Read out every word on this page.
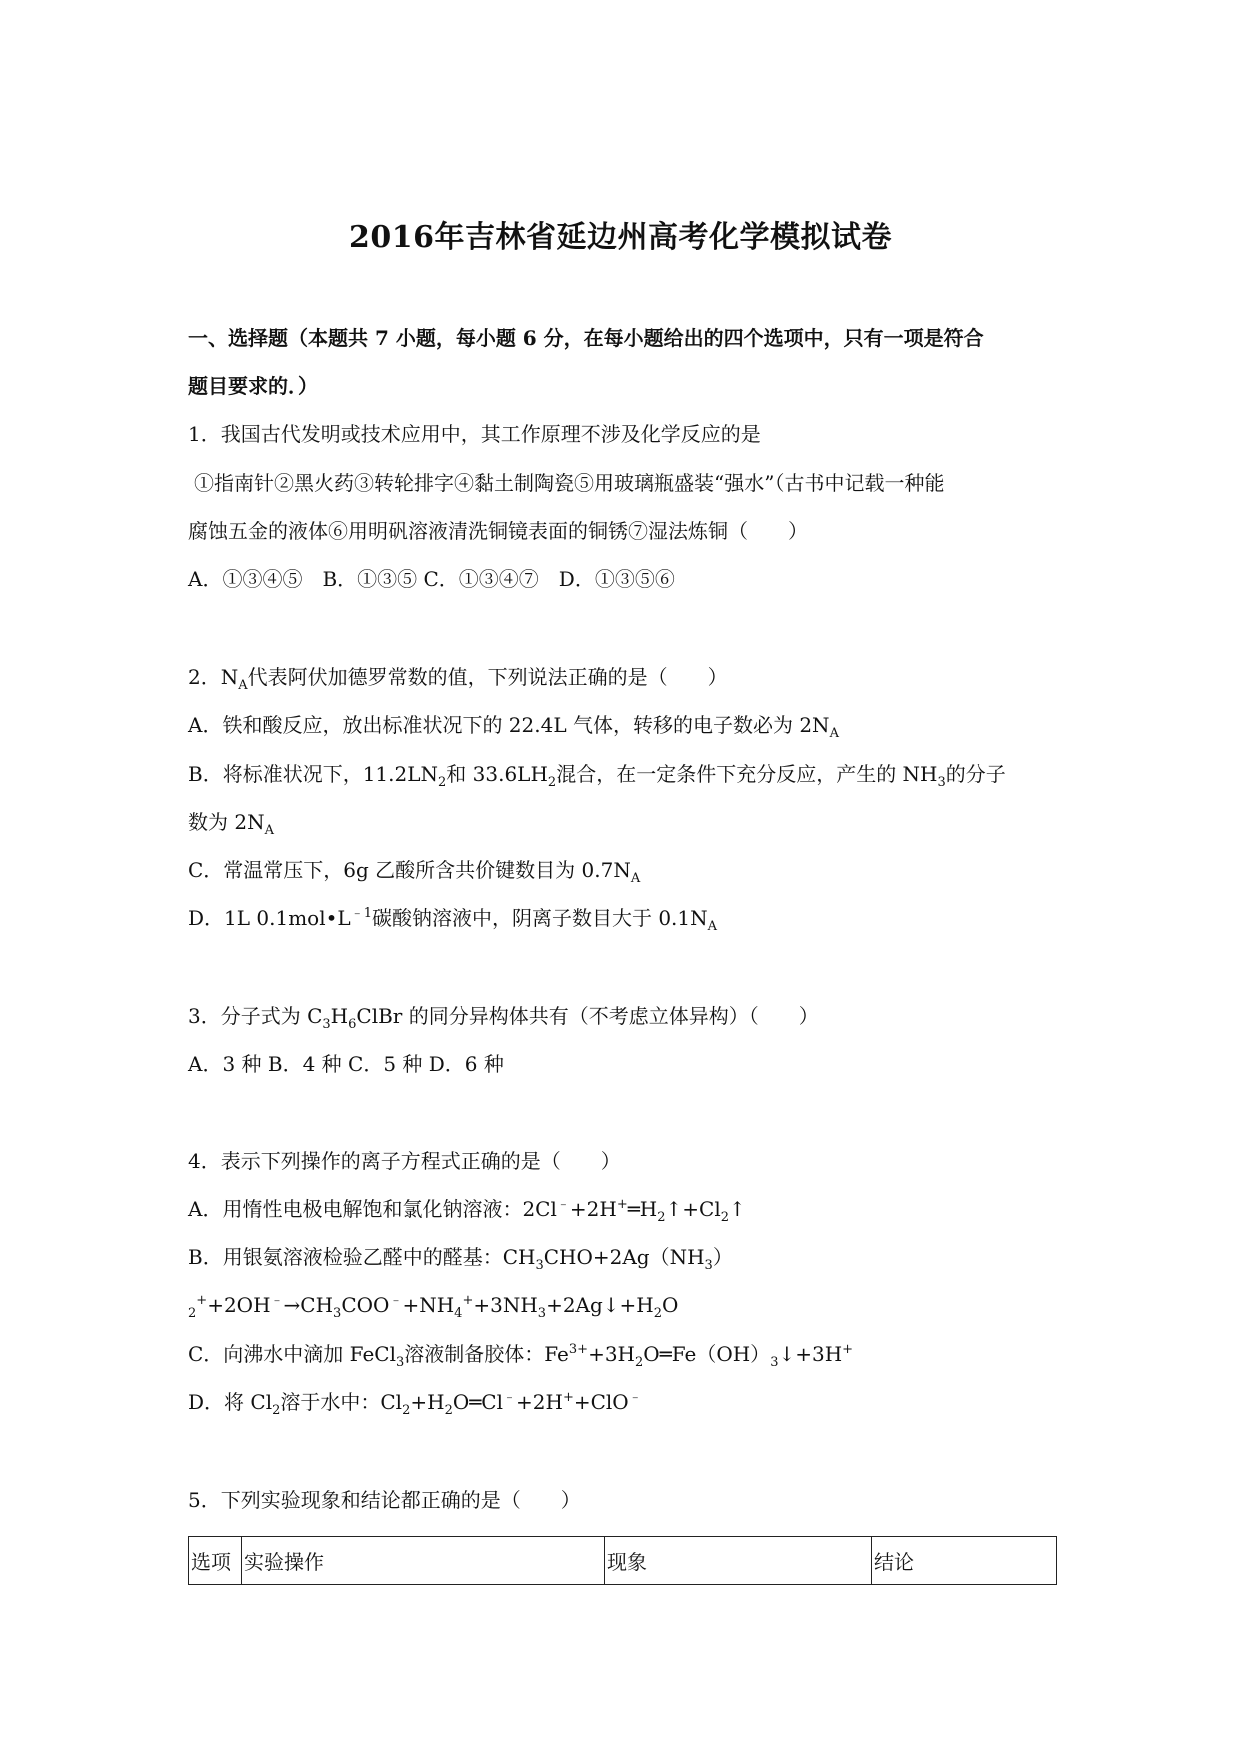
2016年吉林省延边州高考化学模拟试卷
一、选择题（本题共 7 小题，每小题 6 分，在每小题给出的四个选项中，只有一项是符合
题目要求的．）
1．我国古代发明或技术应用中，其工作原理不涉及化学反应的是
①指南针②黑火药③转轮排字④黏土制陶瓷⑤用玻璃瓶盛装“强水”（古书中记载一种能
腐蚀五金的液体⑥用明矾溶液清洗铜镜表面的铜锈⑦湿法炼铜（　　）
A．①③④⑤　B．①③⑤ C．①③④⑦　D．①③⑤⑥
2．$N_A$代表阿伏加德罗常数的值，下列说法正确的是（　　）
A．铁和酸反应，放出标准状况下的 22.4L 气体，转移的电子数必为 $2N_A$
B．将标准状况下，$11.2LN_2$和 $33.6LH_2$混合，在一定条件下充分反应，产生的 $NH_3$的分子
数为 $2N_A$
C．常温常压下，6g 乙酸所含共价键数目为 $0.7N_A$
D．1L $0.1mol•L^{﹣1}$碳酸钠溶液中，阴离子数目大于 $0.1N_A$
3．分子式为 $C_3H_6ClBr$ 的同分异构体共有（不考虑立体异构）（　　）
A．3 种 B．4 种 C．5 种 D．6 种
4．表示下列操作的离子方程式正确的是（　　）
A．用惰性电极电解饱和氯化钠溶液：$2Cl^﹣+2H^+═H_2↑+Cl_2↑$
B．用银氨溶液检验乙醛中的醛基：$CH_3CHO+2Ag(NH_3)$
$_2^++2OH^﹣\to CH_3COO^﹣+NH_4^++3NH_3+2Ag↓+H_2O$
C．向沸水中滴加 FeCl$_3$溶液制备胶体：$Fe^{3+}+3H_2O═Fe(OH)_3↓+3H^+$
D．将 $Cl_2$溶于水中：$Cl_2+H_2O═Cl^﹣+2H^++ClO^﹣$
5．下列实验现象和结论都正确的是（　　）
选项	实验操作	现象	结论
